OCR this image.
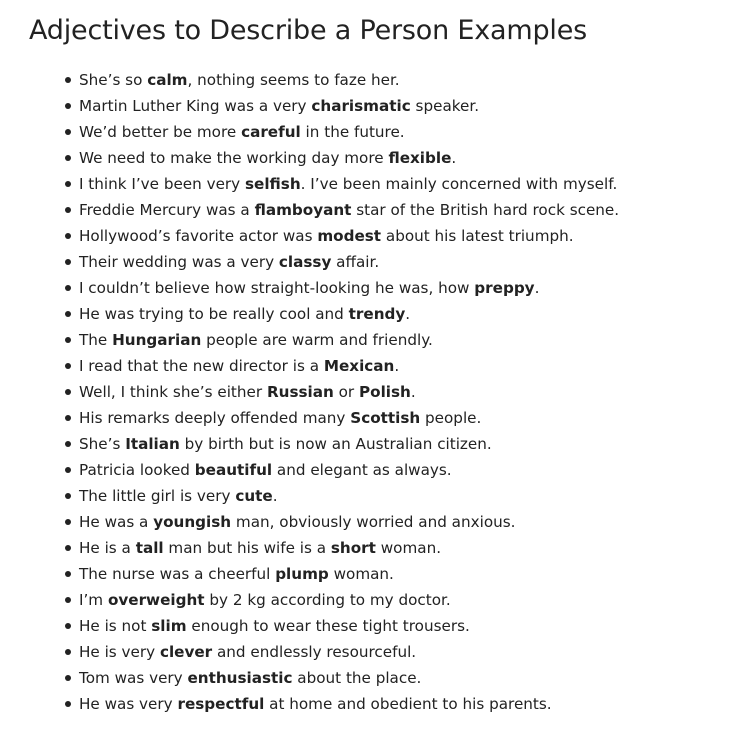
Adjectives to Describe a Person Examples
She’s so calm, nothing seems to faze her.
Martin Luther King was a very charismatic speaker.
We’d better be more careful in the future.
We need to make the working day more flexible.
I think I’ve been very selfish. I’ve been mainly concerned with myself.
Freddie Mercury was a flamboyant star of the British hard rock scene.
Hollywood’s favorite actor was modest about his latest triumph.
Their wedding was a very classy affair.
I couldn’t believe how straight-looking he was, how preppy.
He was trying to be really cool and trendy.
The Hungarian people are warm and friendly.
I read that the new director is a Mexican.
Well, I think she’s either Russian or Polish.
His remarks deeply offended many Scottish people.
She’s Italian by birth but is now an Australian citizen.
Patricia looked beautiful and elegant as always.
The little girl is very cute.
He was a youngish man, obviously worried and anxious.
He is a tall man but his wife is a short woman.
The nurse was a cheerful plump woman.
I’m overweight by 2 kg according to my doctor.
He is not slim enough to wear these tight trousers.
He is very clever and endlessly resourceful.
Tom was very enthusiastic about the place.
He was very respectful at home and obedient to his parents.
